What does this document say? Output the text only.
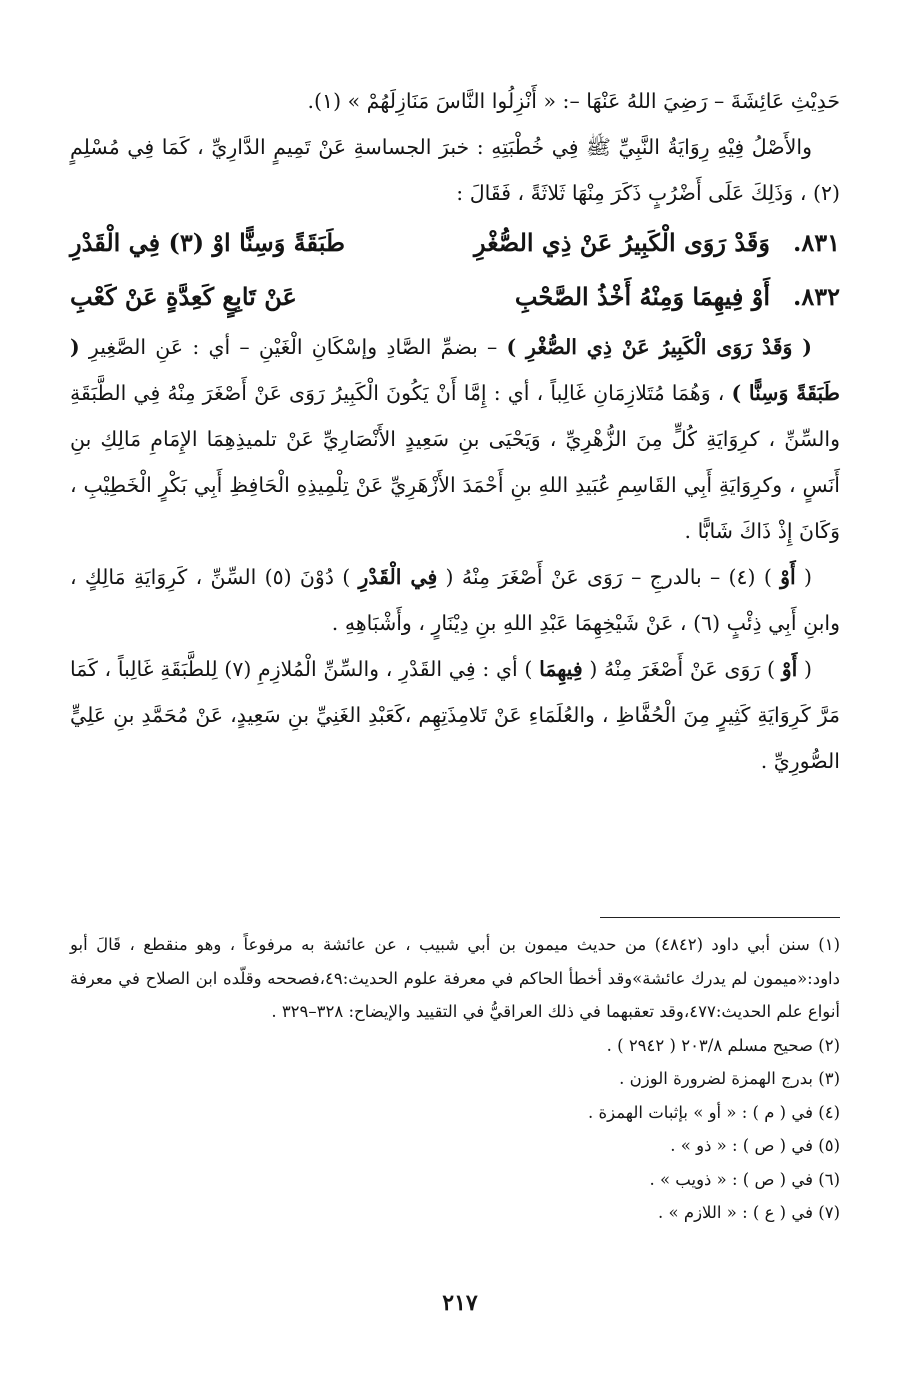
حَدِيْثِ عَائِشَةَ – رَضِيَ اللهُ عَنْهَا –: « أَنْزِلُوا النَّاسَ مَنَازِلَهُمْ » (١).

والأَصْلُ فِيْهِ رِوَايَةُ النَّبِيِّ ﷺ فِي خُطْبَتِهِ : خبرَ الجساسةِ عَنْ تَمِيمٍ الدَّارِيِّ ، كَمَا فِي مُسْلِمٍ (٢) ، وَذَلِكَ عَلَى أَضْرُبٍ ذَكَرَ مِنْهَا ثَلاثَةً ، فَقَالَ :

٨٣١.
وَقَدْ رَوَى الْكَبِيرُ عَنْ ذِي الصُّغْرِ
طَبَقَةً وَسِنًّا اوْ (٣) فِي الْقَدْرِ
٨٣٢.
أَوْ فِيهِمَا وَمِنْهُ أَخْذُ الصَّحْبِ
عَنْ تَابِعٍ كَعِدَّةٍ عَنْ كَعْبِ

( وَقَدْ رَوَى الْكَبِيرُ عَنْ ذِي الصُّغْرِ ) – بضمِّ الصَّادِ وإسْكَانِ الْغَيْنِ – أي : عَنِ الصَّغِيرِ ( طَبَقَةً وَسِنًّا ) ، وَهُمَا مُتَلازِمَانِ غَالِباً ، أي : إِمَّا أَنْ يَكُونَ الْكَبِيرُ رَوَى عَنْ أَصْغَرَ مِنْهُ فِي الطَّبَقَةِ والسِّنِّ ، كرِوَايَةِ كُلٍّ مِنَ الزُّهْرِيِّ ، وَيَحْيَى بنِ سَعِيدٍ الأَنْصَارِيِّ عَنْ تلميذِهِمَا الإِمَامِ مَالِكِ بنِ أَنَسٍ ، وكرِوَايَةِ أَبِي القَاسِمِ عُبَيدِ اللهِ بنِ أَحْمَدَ الأَزْهَرِيِّ عَنْ تِلْمِيذِهِ الْحَافِظِ أَبِي بَكْرٍ الْخَطِيْبِ ، وَكَانَ إِذْ ذَاكَ شَابًّا .

( أَوْ ) (٤) – بالدرجِ – رَوَى عَنْ أَصْغَرَ مِنْهُ ( فِي الْقَدْرِ ) دُوْنَ (٥) السِّنِّ ، كَرِوَايَةِ مَالِكٍ ، وابنِ أَبِي ذِئْبٍ (٦) ، عَنْ شَيْخِهِمَا عَبْدِ اللهِ بنِ دِيْنَارٍ ، وأَشْبَاهِهِ .

( أَوْ ) رَوَى عَنْ أَصْغَرَ مِنْهُ ( فِيهِمَا ) أي : فِي القَدْرِ ، والسِّنِّ الْمُلازِمِ (٧) لِلطَّبَقَةِ غَالِباً ، كَمَا مَرَّ كَرِوَايَةِ كَثِيرٍ مِنَ الْحُفَّاظِ ، والعُلَمَاءِ عَنْ تَلامِذَتِهِم ،كَعَبْدِ الغَنِيِّ بنِ سَعِيدٍ، عَنْ مُحَمَّدِ بنِ عَلِيٍّ الصُّورِيِّ .

(١) سنن أبي داود (٤٨٤٢) من حديث ميمون بن أبي شبيب ، عن عائشة به مرفوعاً ، وهو منقطع ، قَالَ أبو داود:«ميمون لم يدرك عائشة»وقد أخطأ الحاكم في معرفة علوم الحديث:٤٩،فصححه وقلّده ابن الصلاح في معرفة أنواع علم الحديث:٤٧٧،وقد تعقبهما في ذلك العراقيُّ في التقييد والإيضاح: ٣٢٨–٣٢٩ .

(٢) صحيح مسلم ٢٠٣/٨ ( ٢٩٤٢ ) .

(٣) بدرج الهمزة لضرورة الوزن .

(٤) في ( م ) : « أو » بإثبات الهمزة .

(٥) في ( ص ) : « ذو » .

(٦) في ( ص ) : « ذويب » .

(٧) في ( ع ) : « اللازم » .

٢١٧
